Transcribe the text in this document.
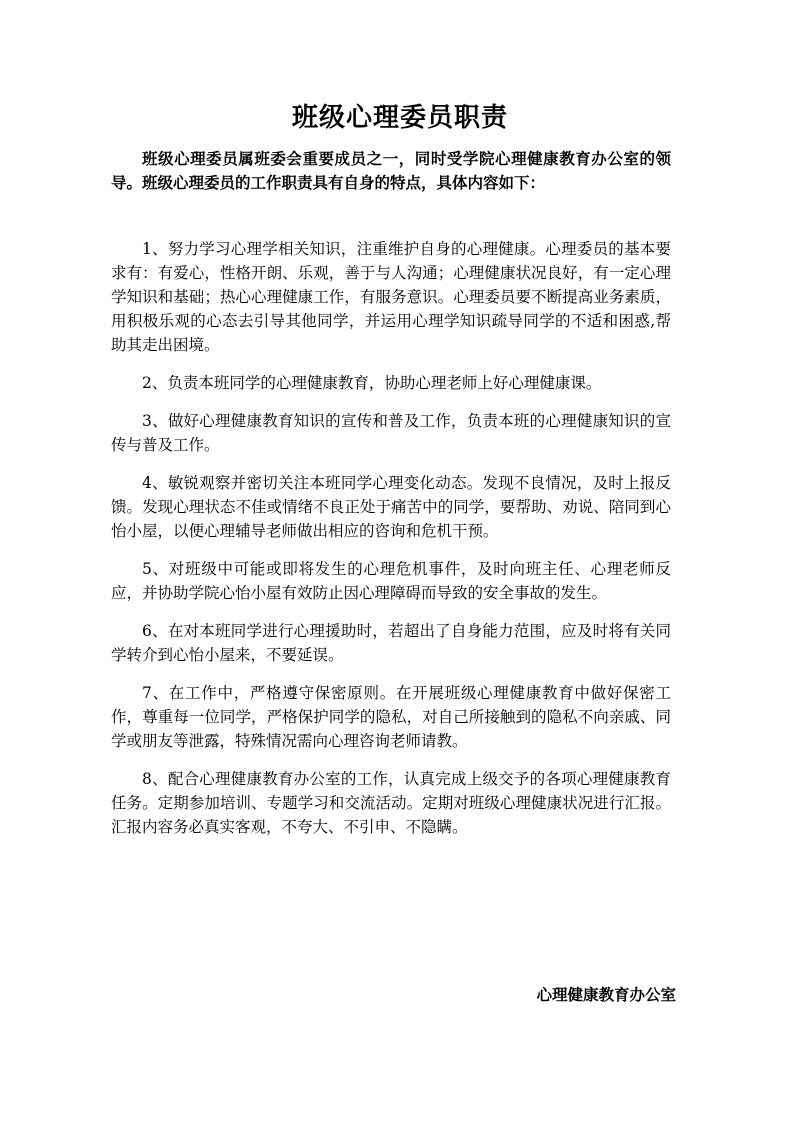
班级心理委员职责
班级心理委员属班委会重要成员之一，同时受学院心理健康教育办公室的领导。班级心理委员的工作职责具有自身的特点，具体内容如下：

1、努力学习心理学相关知识，注重维护自身的心理健康。心理委员的基本要求有：有爱心，性格开朗、乐观，善于与人沟通；心理健康状况良好，有一定心理学知识和基础；热心心理健康工作，有服务意识。心理委员要不断提高业务素质，用积极乐观的心态去引导其他同学，并运用心理学知识疏导同学的不适和困惑,帮助其走出困境。

2、负责本班同学的心理健康教育，协助心理老师上好心理健康课。

3、做好心理健康教育知识的宣传和普及工作，负责本班的心理健康知识的宣传与普及工作。

4、敏锐观察并密切关注本班同学心理变化动态。发现不良情况，及时上报反馈。发现心理状态不佳或情绪不良正处于痛苦中的同学，要帮助、劝说、陪同到心怡小屋，以便心理辅导老师做出相应的咨询和危机干预。

5、对班级中可能或即将发生的心理危机事件，及时向班主任、心理老师反应，并协助学院心怡小屋有效防止因心理障碍而导致的安全事故的发生。

6、在对本班同学进行心理援助时，若超出了自身能力范围，应及时将有关同学转介到心怡小屋来，不要延误。

7、在工作中，严格遵守保密原则。在开展班级心理健康教育中做好保密工作，尊重每一位同学，严格保护同学的隐私，对自己所接触到的隐私不向亲戚、同学或朋友等泄露，特殊情况需向心理咨询老师请教。

8、配合心理健康教育办公室的工作，认真完成上级交予的各项心理健康教育任务。定期参加培训、专题学习和交流活动。定期对班级心理健康状况进行汇报。汇报内容务必真实客观，不夸大、不引申、不隐瞒。

心理健康教育办公室
